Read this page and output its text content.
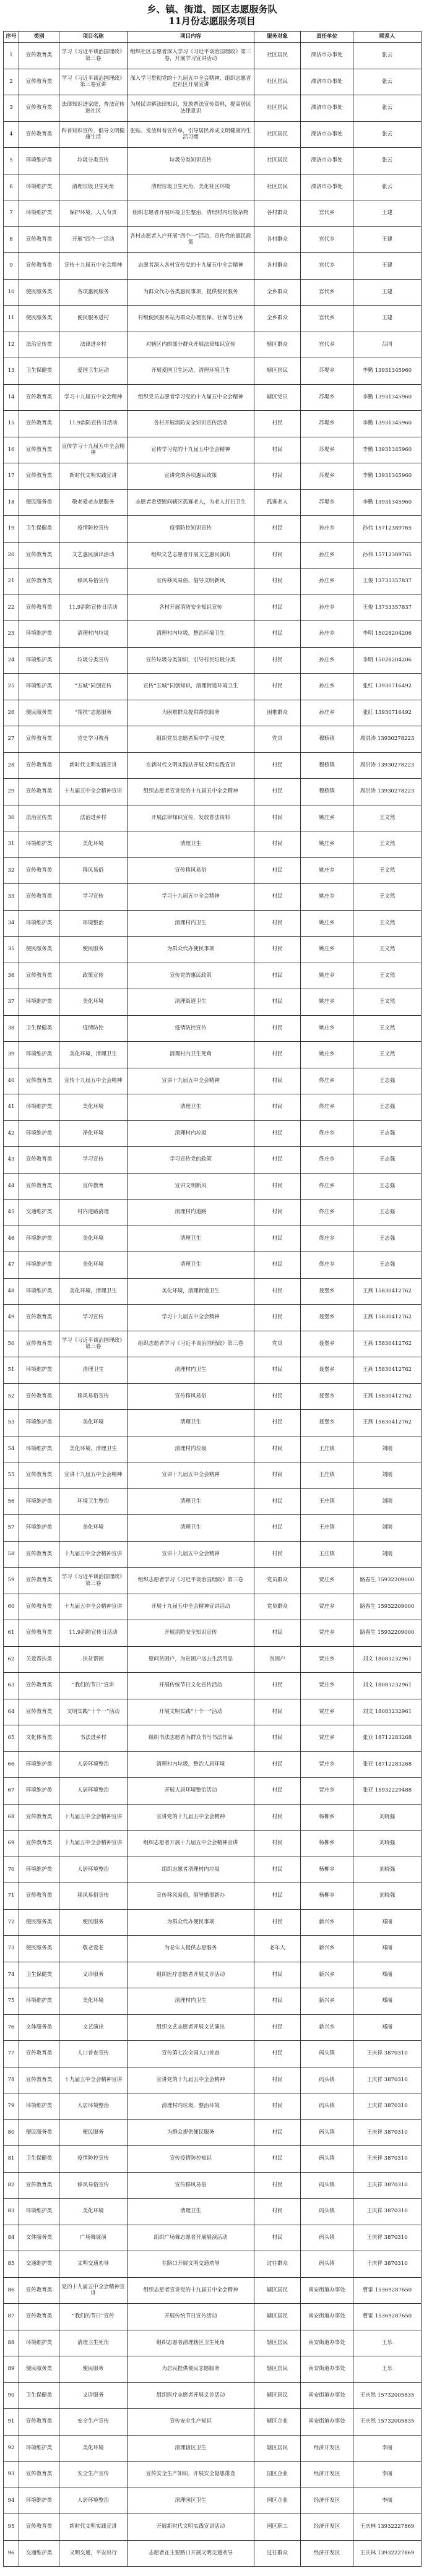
乡、镇、街道、园区志愿服务队
11月份志愿服务项目
序号	类别	项目名称	项目内容	服务对象	责任单位	联系人
1	宣传教育类	学习《习近平谈治国理政》第三卷	组织社区志愿者深入学习《习近平谈治国理政》第三卷，开展学习宣讲活动	社区居民	溧济市办事处	张云
2	宣传教育类	学习《习近平谈治国理政》第三卷宣讲	深入学习贯彻党的十九届五中全会精神，组织志愿者进社区开展宣讲	社区居民	溧济市办事处	张云
3	宣传教育类	法律知识进家庭，普法宣传进社区	为居民讲解法律知识，发放普法宣传资料，提高居民法律意识	社区居民	溧济市办事处	张云
4	宣传教育类	科普知识宣传，倡导文明健康生活	张贴、发放科普宣传单，引导居民养成文明健康的生活习惯	社区居民	溧济市办事处	张云
5	环境维护类	垃圾分类宣传	垃圾分类知识宣传	社区居民	溧济市办事处	张云
6	环境维护类	清理垃圾卫生死角	清理垃圾卫生死角，美化社区环境	社区居民	溧济市办事处	张云
7	环境维护类	保护环境，人人有责	组织志愿者开展环境卫生整治，清理村内垃圾杂物	各村群众	宫代乡	王建
8	宣传教育类	开展“四个一”活动	各村志愿者入户开展“四个一”活动，宣传党的惠民政策	各村群众	宫代乡	王建
9	宣传教育类	宣传十九届五中全会精神	志愿者深入各村宣传党的十九届五中全会精神	各村群众	宫代乡	王建
10	便民服务类	各项惠民服务	为群众代办各类惠民事项，提供便民服务	全乡群众	宫代乡	王建
11	便民服务类	便民服务进村	村级便民服务站为群众办理医保、社保等业务	全乡群众	宫代乡	王建
12	法治宣传类	法律进乡村	对辖区内的部分群众开展法律知识宣传	辖区群众	宫代乡	吕同
13	卫生保健类	爱国卫生运动	开展爱国卫生运动，清理环境卫生	辖区居民	苏堤乡	李勤 13931345960
14	宣传教育类	学习十九届五中全会精神	组织党员志愿者学习党的十九届五中全会精神	辖区党员	苏堤乡	李勤 13931345960
15	宣传教育类	11.9消防宣传日活动	各村开展消防安全知识宣传活动	村民	苏堤乡	李勤 13931345960
16	宣传教育类	宣传学习十九届五中全会精神	宣传学习党的十九届五中全会精神	村民	苏堤乡	李勤 13931345960
17	宣传教育类	新时代文明实践宣讲	宣讲党的各项惠民政策	村民	苏堤乡	李勤 13931345960
18	便民服务类	敬老爱老志愿服务	志愿者看望慰问辖区孤寡老人，为老人打扫卫生	孤寡老人	苏堤乡	李勤 13931345960
19	卫生保健类	疫情防控宣传	疫情防控知识宣传	村民	孙庄乡	孙伟 15712389765
20	宣传教育类	文艺惠民演出活动	组织文艺志愿者开展文艺惠民演出	村民	孙庄乡	孙伟 15712389765
21	宣传教育类	移风易俗宣传	宣传移风易俗，倡导文明新风	村民	孙庄乡	王俊 13733357837
22	宣传教育类	11.9消防宣传日活动	各村开展消防安全知识宣传	村民	孙庄乡	王俊 13733357837
23	环境维护类	清理村内垃圾	清理村内垃圾，整治环境卫生	村民	孙庄乡	李明 15028204206
24	环境维护类	垃圾分类宣传	宣传垃圾分类知识，引导村民垃圾分类	村民	孙庄乡	李明 15028204206
25	环境维护类	“五城”同创宣传	宣传“五城”同创知识，清理街道环境卫生	村民	孙庄乡	张红 13930716492
26	便民服务类	“帮扶”志愿服务	为困难群众提供帮扶服务	困难群众	孙庄乡	张红 13930716492
27	宣传教育类	党史学习教育	组织党员志愿者集中学习党史	党员	穆桥镇	周洪涛 13930278223
28	宣传教育类	新时代文明实践宣讲	在新时代文明实践站开展文明实践宣讲	村民	穆桥镇	周洪涛 13930278223
29	宣传教育类	十九届五中全会精神宣讲	组织志愿者宣讲党的十九届五中全会精神	村民	穆桥镇	周洪涛 13930278223
30	法治宣传类	法治进乡村	开展法律知识宣传，发放普法资料	村民	姚庄乡	王文然
31	环境维护类	美化环境	清理卫生	村民	姚庄乡	王文然
32	宣传教育类	移风易俗	宣传移风易俗	村民	姚庄乡	王文然
33	宣传教育类	学习宣传	学习十九届五中全会精神	村民	姚庄乡	王文然
34	环境维护类	环境整治	清理村内卫生	村民	姚庄乡	王文然
35	便民服务类	便民服务	为群众代办便民事项	村民	姚庄乡	王文然
36	宣传教育类	政策宣传	宣传党的惠民政策	村民	姚庄乡	王文然
37	环境维护类	美化环境	清理街道卫生	村民	姚庄乡	王文然
38	卫生保健类	疫情防控	疫情防控宣传	村民	姚庄乡	王文然
39	环境维护类	美化环境，清理卫生	清理村内卫生死角	村民	姚庄乡	王文然
40	宣传教育类	宣传十九届五中全会精神	宣讲十九届五中全会精神	村民	佟庄乡	王志强
41	环境维护类	美化环境	清理卫生	村民	佟庄乡	王志强
42	环境维护类	净化环境	清理村内垃圾	村民	佟庄乡	王志强
43	宣传教育类	学习宣传	学习宣传党的政策	村民	佟庄乡	王志强
44	宣传教育类	宣传教育	宣讲文明新风	村民	佟庄乡	王志强
45	交通维护类	村内道路清理	清理村内道路	村民	佟庄乡	王志强
46	环境维护类	美化环境	清理卫生	村民	佟庄乡	王志强
47	环境维护类	美化环境	清理卫生	村民	佟庄乡	王志强
48	环境维护类	美化环境，清理卫生	美化环境，清理街道卫生	村民	聂堡乡	王燕 15830412762
49	宣传教育类	学习宣传	学习十九届五中全会精神	村民	聂堡乡	王燕 15830412762
50	宣传教育类	学习《习近平谈治国理政》第三卷	组织志愿者学习《习近平谈治国理政》第三卷	党员	聂堡乡	王燕 15830412762
51	环境维护类	清理卫生	清理村内卫生	村民	聂堡乡	王燕 15830412762
52	宣传教育类	移风易俗宣传	宣传移风易俗	村民	聂堡乡	王燕 15830412762
53	环境维护类	美化环境	清理卫生	村民	聂堡乡	王燕 15830412762
54	环境维护类	美化环境，清理卫生	清理村内垃圾	村民	王庄镇	刘刚
55	宣传教育类	宣讲十九届五中全会精神	宣讲十九届五中全会精神	村民	王庄镇	刘刚
56	环境维护类	环境卫生整治	清理卫生	村民	王庄镇	刘刚
57	环境维护类	美化环境	清理卫生	村民	王庄镇	刘刚
58	宣传教育类	十九届五中全会精神宣讲	宣讲十九届五中全会精神	村民	王庄镇	刘刚
59	宣传教育类	学习《习近平谈治国理政》第三卷	组织志愿者学习《习近平谈治国理政》第三卷	党员群众	贾庄乡	路春生 15932209000
60	宣传教育类	十九届五中全会精神宣讲	开展十九届五中全会精神宣讲活动	党员群众	贾庄乡	路春生 15932209000
61	宣传教育类	11.9消防宣传日活动	开展消防安全知识宣传	村民	贾庄乡	路春生 15932209000
62	关爱帮扶类	扶贫帮困	慰问贫困户，为贫困户送去生活用品	贫困户	贾庄乡	刘文 18083232961
63	宣传教育类	“我们的节日”宣讲	开展传统节日文化宣传活动	村民	贾庄乡	刘文 18083232961
64	宣传教育类	文明实践“十个一”活动	开展文明实践“十个一”活动	村民	贾庄乡	刘文 18083232961
65	文化体育类	书法进乡村	组织书法志愿者为群众书写书法作品	村民	贾庄乡	张亚 18712283268
66	环境维护类	人居环境整治	清理村内垃圾，整治人居环境	村民	贾庄乡	张亚 18712283268
67	环境维护类	人居环境整治	开展人居环境整治活动	村民	贾庄乡	张亚 15932229488
68	宣传教育类	十九届五中全会精神宣讲	宣讲党的十九届五中全会精神	村民	杨柳乡	刘晓强
69	宣传教育类	十九届五中全会精神宣讲	组织志愿者开展十九届五中全会精神宣讲	村民	杨柳乡	刘晓强
70	环境维护类	人居环境整治	组织志愿者清理村内垃圾	村民	杨柳乡	刘晓强
71	宣传教育类	移风易俗宣传	宣传移风易俗，倡导婚事新办	村民	杨柳乡	刘晓强
72	便民服务类	便民服务	为群众代办便民事项	村民	新兴乡	郑丽
73	便民服务类	敬老爱老	为老年人提供志愿服务	老年人	新兴乡	郑丽
74	卫生保健类	义诊服务	组织医疗志愿者开展义诊活动	村民	新兴乡	郑丽
75	环境维护类	美化环境	清理村内卫生	村民	新兴乡	郑丽
76	文体服务类	文艺演出	组织文艺志愿者开展文艺演出	村民	新兴乡	郑丽
77	宣传教育类	人口普查宣传	宣传第七次全国人口普查	村民	码头镇	王庆祥 3870310
78	宣传教育类	十九届五中全会精神宣讲	宣讲党的十九届五中全会精神	村民	码头镇	王庆祥 3870310
79	环境维护类	人居环境整治	清理村内垃圾，整治环境	村民	码头镇	王庆祥 3870310
80	便民服务类	便民服务	为群众提供便民服务	村民	码头镇	王庆祥 3870310
81	卫生保健类	疫情防控宣传	宣传疫情防控知识	村民	码头镇	王庆祥 3870310
82	宣传教育类	移风易俗宣传	宣传移风易俗	村民	码头镇	王庆祥 3870310
83	环境维护类	美化环境	清理卫生	村民	码头镇	王庆祥 3870310
84	文体服务类	广场舞展演	组织广场舞志愿者开展展演活动	村民	码头镇	王庆祥 3870310
85	交通维护类	文明交通劝导	在路口开展文明交通劝导	过往群众	码头镇	王庆祥 3870310
86	宣传教育类	党的十九届五中全会精神宣讲	组织志愿者宣讲党的十九届五中全会精神	辖区居民	南安街道办事处	曹雷 15369287650
87	宣传教育类	“我们的节日”宣传	开展传统节日宣传活动	辖区居民	南安街道办事处	曹雷 15369287650
88	环境维护类	清理卫生死角	组织志愿者清理辖区卫生死角	辖区居民	南安街道办事处	王乐
89	便民服务类	便民服务	为居民提供便民志愿服务	辖区居民	南安街道办事处	王乐
90	卫生保健类	义诊服务	组织医疗志愿者开展义诊活动	辖区居民	南安街道办事处	王庆然 15732005835
91	宣传教育类	安全生产宣传	宣传安全生产知识	辖区企业	南安街道办事处	王庆然 15732005835
92	环境维护类	美化环境	清理辖区卫生	辖区居民	经济开发区	李丽
93	宣传教育类	安全生产宣传	宣传安全生产知识，开展安全隐患排查	园区企业	经济开发区	李丽
94	环境维护类	人居环境整治	清理园区卫生	园区企业	经济开发区	李丽
95	宣传教育类	新时代文明实践宣讲	开展新时代文明实践宣讲活动	园区职工	经济开发区	王庆林 13932227869
96	交通维护类	文明交通，平安出行	志愿者在主要路口开展文明交通劝导	过往群众	经济开发区	王庆林 13932227869
